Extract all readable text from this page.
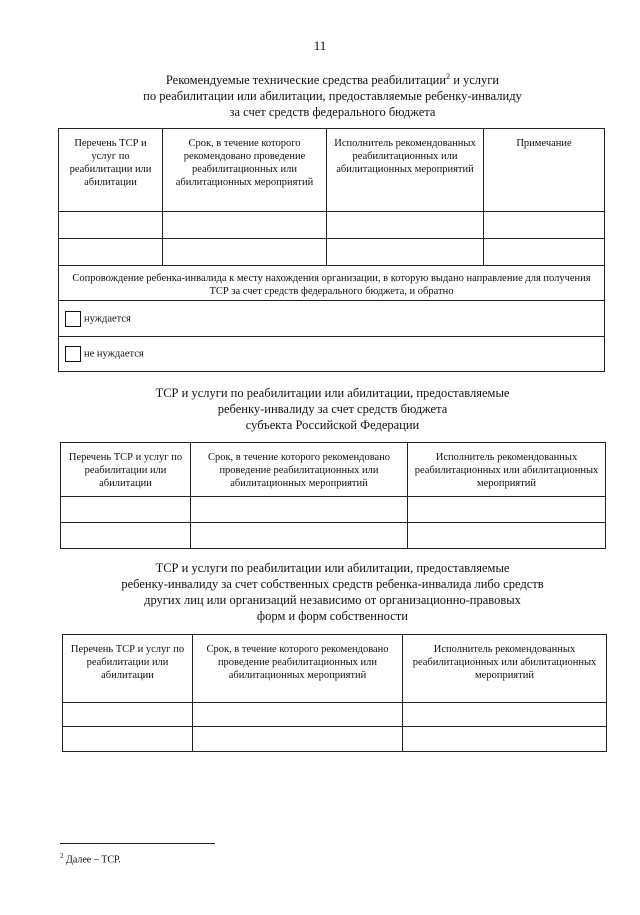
11
Рекомендуемые технические средства реабилитации$^2$ и услуги
по реабилитации или абилитации, предоставляемые ребенку-инвалиду
за счет средств федерального бюджета
Перечень ТСР и услуг по реабилитации или абилитации	Срок, в течение которого рекомендовано проведение реабилитационных или абилитационных мероприятий	Исполнитель рекомендованных реабилитационных или абилитационных мероприятий	Примечание

Сопровождение ребенка-инвалида к месту нахождения организации, в которую выдано направление для получения ТСР за счет средств федерального бюджета, и обратно			
нуждается			
не нуждается			
ТСР и услуги по реабилитации или абилитации, предоставляемые
ребенку-инвалиду за счет средств бюджета
субъекта Российской Федерации
Перечень ТСР и услуг по реабилитации или абилитации	Срок, в течение которого рекомендовано проведение реабилитационных или абилитационных мероприятий	Исполнитель рекомендованных реабилитационных или абилитационных мероприятий

ТСР и услуги по реабилитации или абилитации, предоставляемые
ребенку-инвалиду за счет собственных средств ребенка-инвалида либо средств
других лиц или организаций независимо от организационно-правовых
форм и форм собственности
Перечень ТСР и услуг по реабилитации или абилитации	Срок, в течение которого рекомендовано проведение реабилитационных или абилитационных мероприятий	Исполнитель рекомендованных реабилитационных или абилитационных мероприятий

$^2$ Далее – ТСР.
